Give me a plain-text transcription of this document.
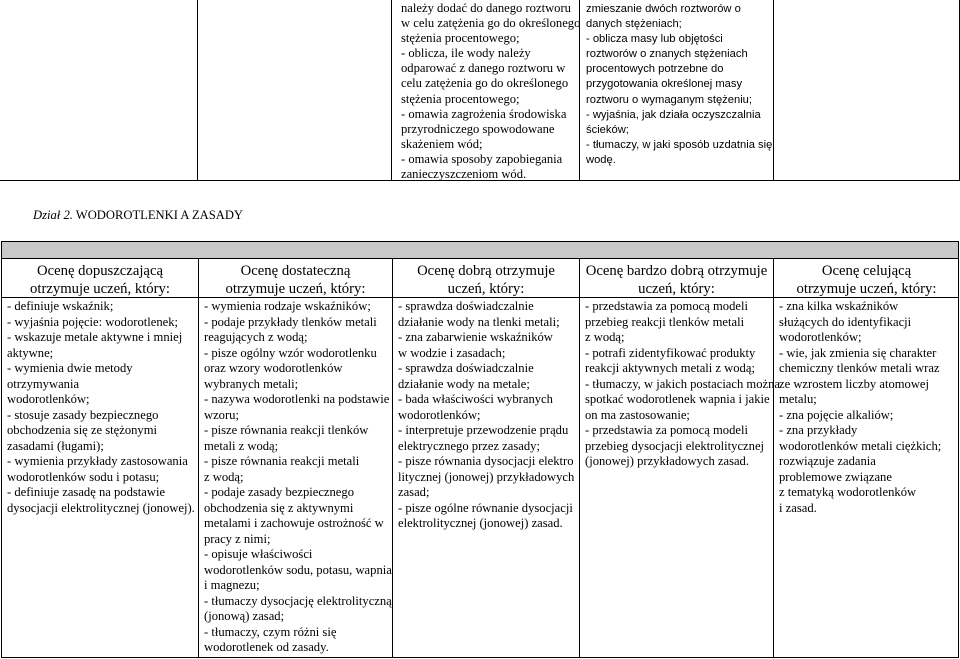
należy dodać do danego roztworu
w celu zatężenia go do określonego
stężenia procentowego;
- oblicza, ile wody należy
odparować z danego roztworu w
celu zatężenia go do określonego
stężenia procentowego;
- omawia zagrożenia środowiska
przyrodniczego spowodowane
skażeniem wód;
- omawia sposoby zapobiegania
zanieczyszczeniom wód.
zmieszanie dwóch roztworów o
danych stężeniach;
- oblicza masy lub objętości
roztworów o znanych stężeniach
procentowych potrzebne do
przygotowania określonej masy
roztworu o wymaganym stężeniu;
- wyjaśnia, jak działa oczyszczalnia
ścieków;
- tłumaczy, w jaki sposób uzdatnia się
wodę.
Dział 2. WODOROTLENKI A ZASADY
Ocenę dopuszczającą
otrzymuje uczeń, który:
- definiuje wskaźnik;
- wyjaśnia pojęcie: wodorotlenek;
- wskazuje metale aktywne i mniej
aktywne;
- wymienia dwie metody
otrzymywania
wodorotlenków;
- stosuje zasady bezpiecznego
obchodzenia się ze stężonymi
zasadami (ługami);
- wymienia przykłady zastosowania
wodorotlenków sodu i potasu;
- definiuje zasadę na podstawie
dysocjacji elektrolitycznej (jonowej).
Ocenę dostateczną
otrzymuje uczeń, który:
- wymienia rodzaje wskaźników;
- podaje przykłady tlenków metali
reagujących z wodą;
- pisze ogólny wzór wodorotlenku
oraz wzory wodorotlenków
wybranych metali;
- nazywa wodorotlenki na podstawie
wzoru;
- pisze równania reakcji tlenków
metali z wodą;
- pisze równania reakcji metali
z wodą;
- podaje zasady bezpiecznego
obchodzenia się z aktywnymi
metalami i zachowuje ostrożność w
pracy z nimi;
- opisuje właściwości
wodorotlenków sodu, potasu, wapnia
i magnezu;
- tłumaczy dysocjację elektrolityczną
(jonową) zasad;
- tłumaczy, czym różni się
wodorotlenek od zasady.
Ocenę dobrą otrzymuje
uczeń, który:
- sprawdza doświadczalnie
działanie wody na tlenki metali;
- zna zabarwienie wskaźników
w wodzie i zasadach;
- sprawdza doświadczalnie
działanie wody na metale;
- bada właściwości wybranych
wodorotlenków;
- interpretuje przewodzenie prądu
elektrycznego przez zasady;
- pisze równania dysocjacji elektro
litycznej (jonowej) przykładowych
zasad;
- pisze ogólne równanie dysocjacji
elektrolitycznej (jonowej) zasad.
Ocenę bardzo dobrą otrzymuje
uczeń, który:
- przedstawia za pomocą modeli
przebieg reakcji tlenków metali
z wodą;
- potrafi zidentyfikować produkty
reakcji aktywnych metali z wodą;
- tłumaczy, w jakich postaciach można
spotkać wodorotlenek wapnia i jakie
on ma zastosowanie;
- przedstawia za pomocą modeli
przebieg dysocjacji elektrolitycznej
(jonowej) przykładowych zasad.
Ocenę celującą
otrzymuje uczeń, który:
- zna kilka wskaźników
służących do identyfikacji
wodorotlenków;
- wie, jak zmienia się charakter
chemiczny tlenków metali wraz
ze wzrostem liczby atomowej
metalu;
- zna pojęcie alkaliów;
- zna przykłady
wodorotlenków metali ciężkich;
rozwiązuje zadania
problemowe związane
z tematyką wodorotlenków
i zasad.
